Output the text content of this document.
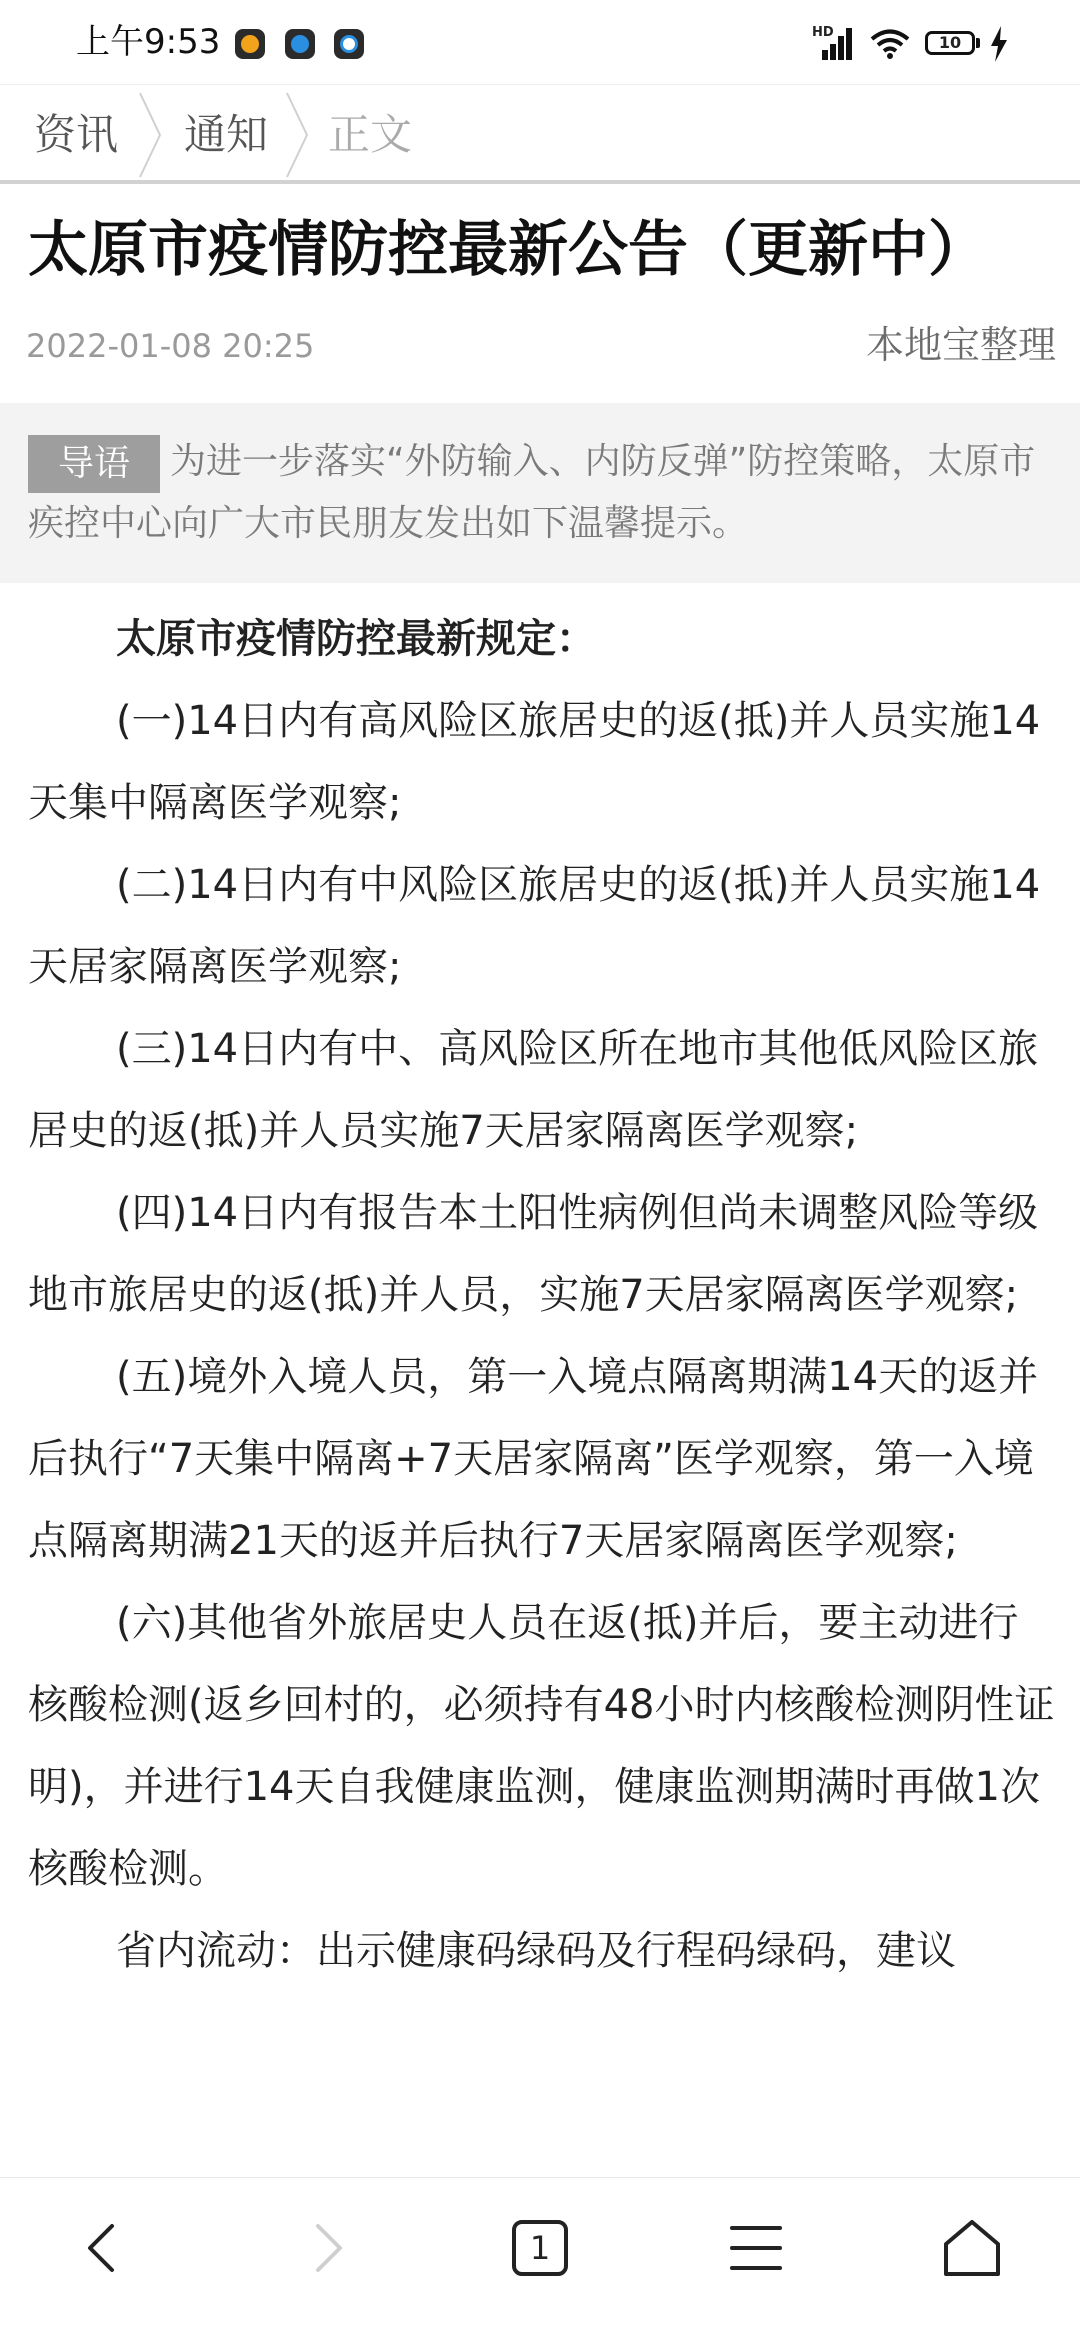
上午9:53	HD
10
资讯 通知 正文
太原市疫情防控最新公告（更新中）
2022-01-08 20:25	本地宝整理
为进一步落实“外防输入、内防反弹”防控策略，太原市疾控中心向广大市民朋友发出如下温馨提示。
导语

太原市疫情防控最新规定：

(一)14日内有高风险区旅居史的返(抵)并人员实施14天集中隔离医学观察;

(二)14日内有中风险区旅居史的返(抵)并人员实施14天居家隔离医学观察;

(三)14日内有中、高风险区所在地市其他低风险区旅居史的返(抵)并人员实施7天居家隔离医学观察;

(四)14日内有报告本土阳性病例但尚未调整风险等级地市旅居史的返(抵)并人员，实施7天居家隔离医学观察;

(五)境外入境人员，第一入境点隔离期满14天的返并后执行“7天集中隔离+7天居家隔离”医学观察，第一入境点隔离期满21天的返并后执行7天居家隔离医学观察;

(六)其他省外旅居史人员在返(抵)并后，要主动进行核酸检测(返乡回村的，必须持有48小时内核酸检测阴性证明)，并进行14天自我健康监测，健康监测期满时再做1次核酸检测。

省内流动：出示健康码绿码及行程码绿码，建议

1
